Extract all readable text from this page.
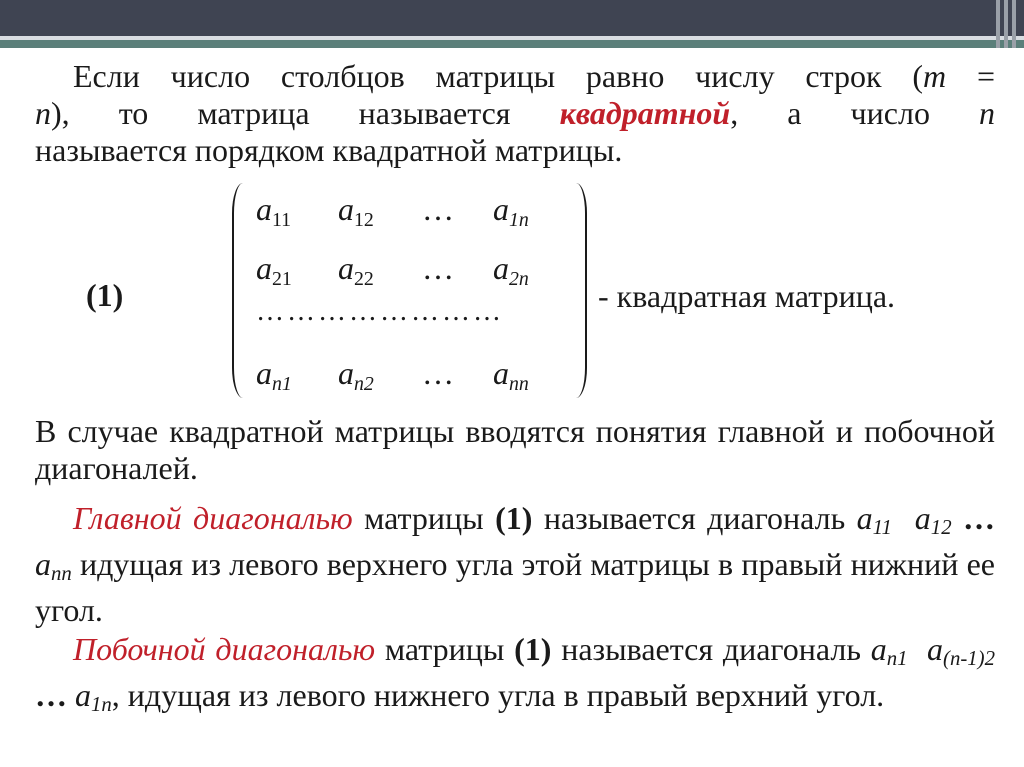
Если число столбцов матрицы равно числу строк (m =

n), то матрица называется квадратной, а число n

называется порядком квадратной матрицы.

(1)
a11 a12 … a1n
a21 a22 … a2n
……………………
an1 an2 … ann
- квадратная матрица.

В случае квадратной матрицы вводятся понятия главной и побочной диагоналей.

Главной диагональю матрицы (1) называется диагональ $a_{11}$ $a_{12}$ … $a_{nn}$ идущая из левого верхнего угла этой матрицы в правый нижний ее угол.

Побочной диагональю матрицы (1) называется диагональ $a_{n1}$ $a_{(n-1)2}$ … $a_{1n}$, идущая из левого нижнего угла в правый верхний угол.
